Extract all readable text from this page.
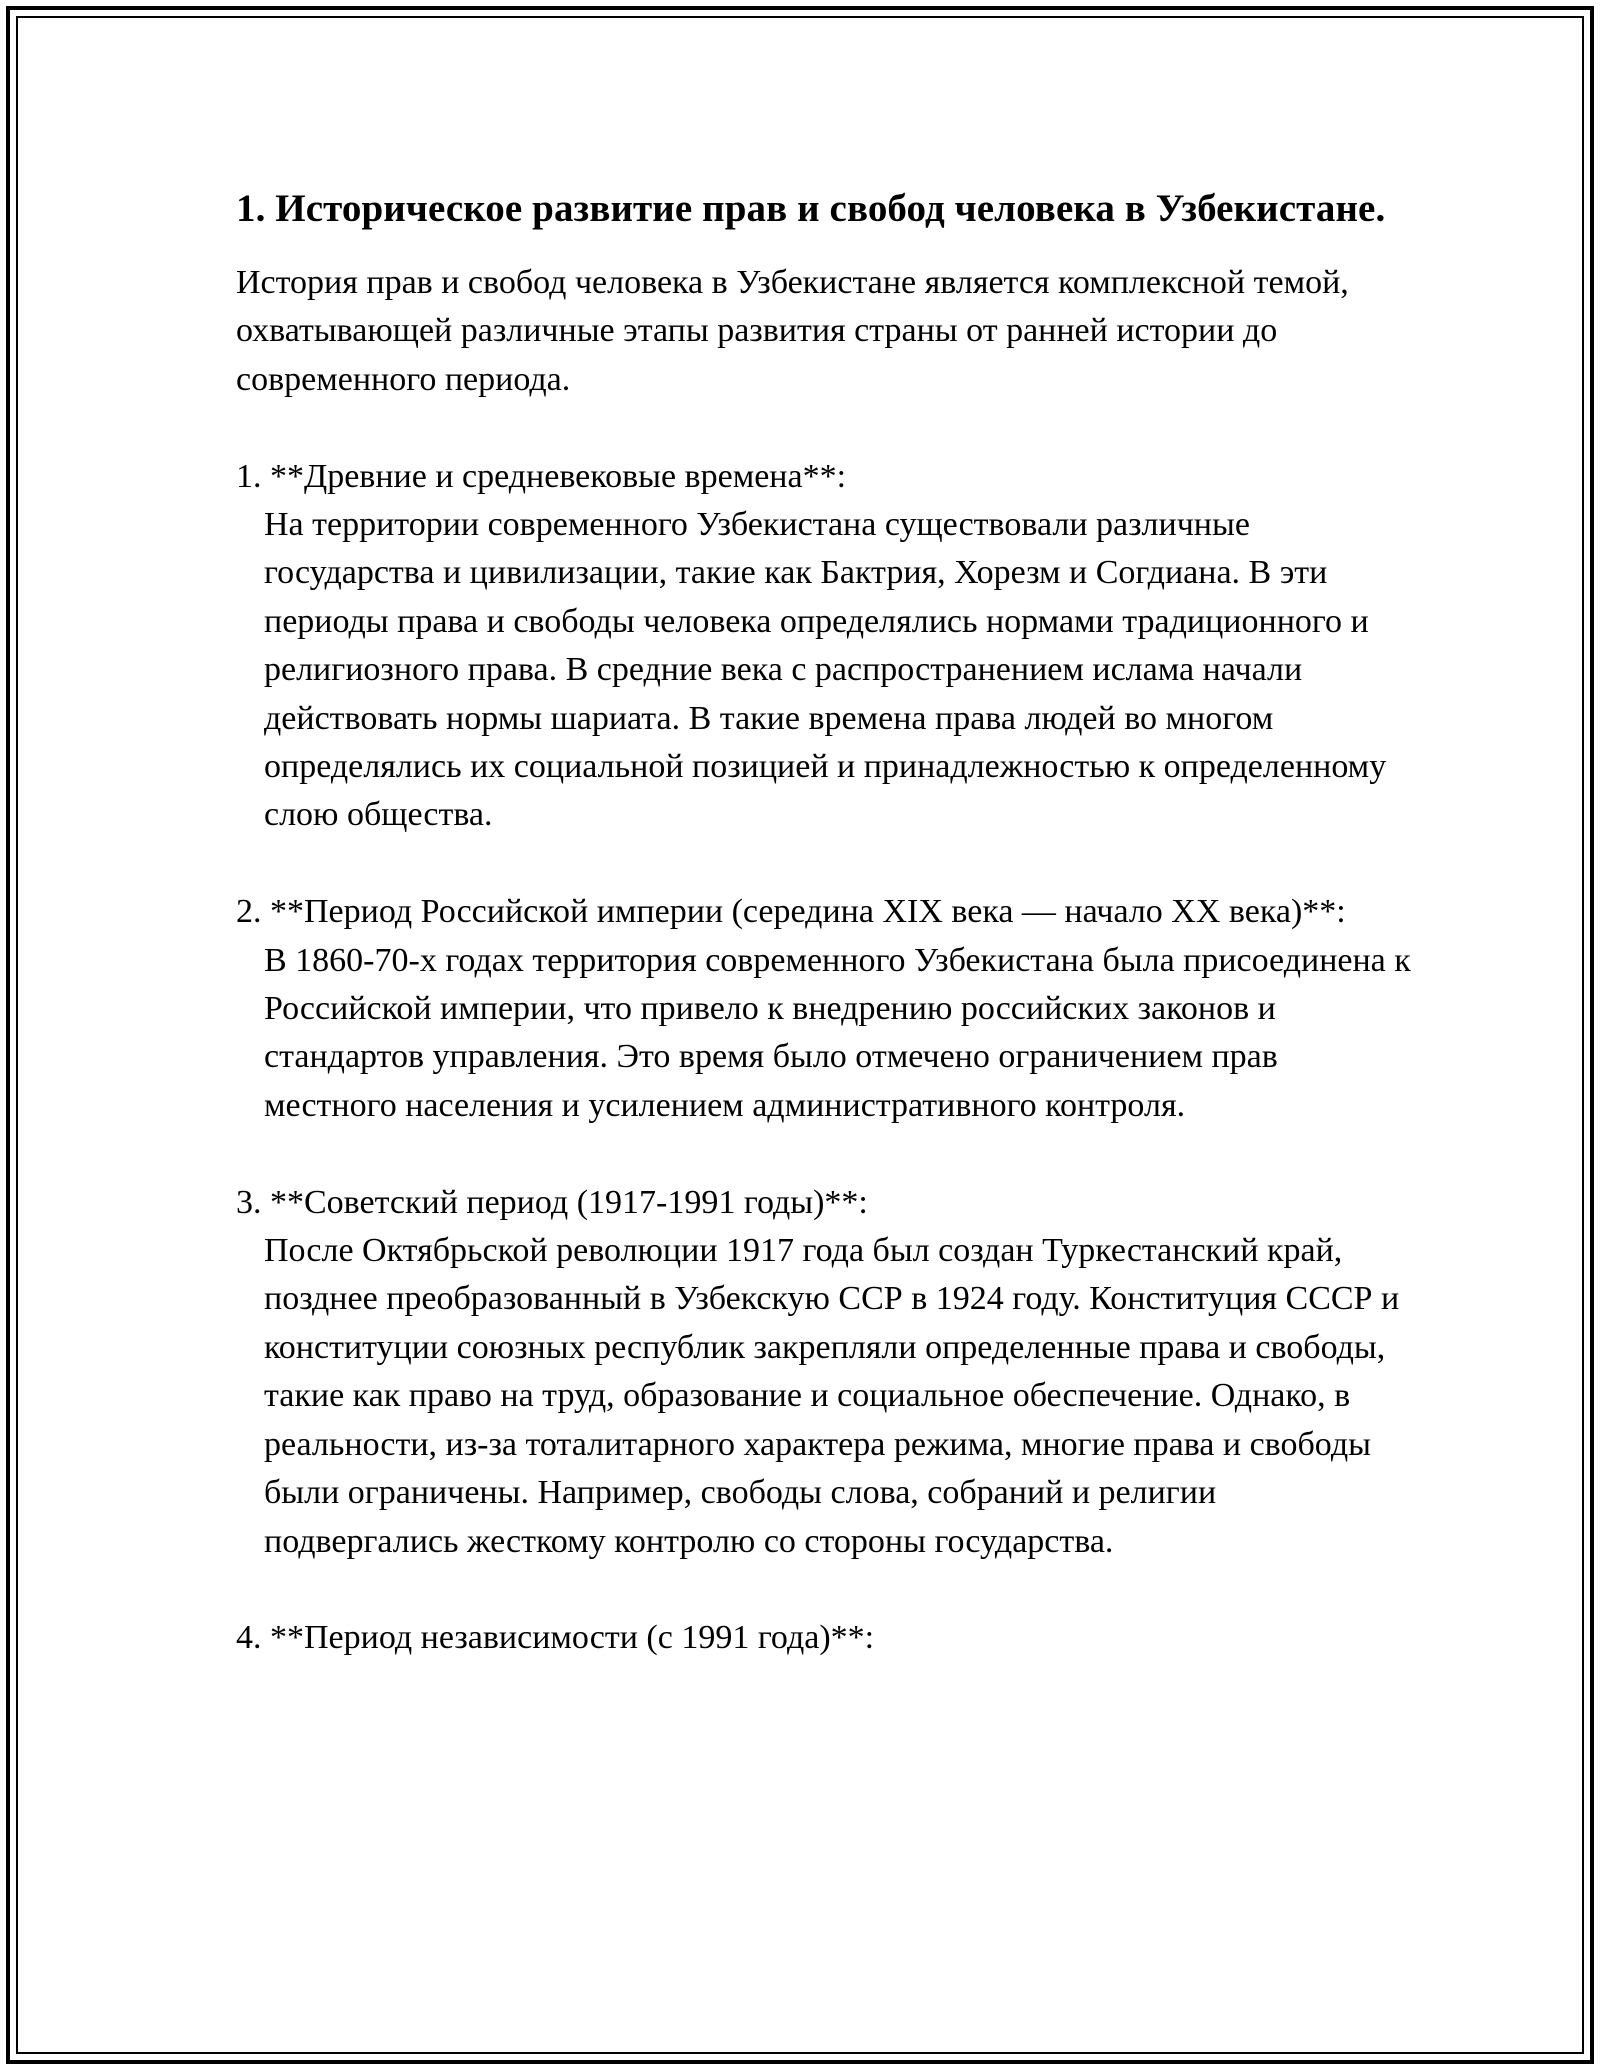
1. Историческое развитие прав и свобод человека в Узбекистане.

История прав и свобод человека в Узбекистане является комплексной темой, охватывающей различные этапы развития страны от ранней истории до современного периода.

1. **Древние и средневековые времена**:

На территории современного Узбекистана существовали различные государства и цивилизации, такие как Бактрия, Хорезм и Согдиана. В эти периоды права и свободы человека определялись нормами традиционного и религиозного права. В средние века с распространением ислама начали действовать нормы шариата. В такие времена права людей во многом определялись их социальной позицией и принадлежностью к определенному слою общества.

2. **Период Российской империи (середина XIX века — начало XX века)**:

В 1860-70-х годах территория современного Узбекистана была присоединена к Российской империи, что привело к внедрению российских законов и стандартов управления. Это время было отмечено ограничением прав местного населения и усилением административного контроля.

3. **Советский период (1917-1991 годы)**:

После Октябрьской революции 1917 года был создан Туркестанский край, позднее преобразованный в Узбекскую ССР в 1924 году. Конституция СССР и конституции союзных республик закрепляли определенные права и свободы, такие как право на труд, образование и социальное обеспечение. Однако, в реальности, из-за тоталитарного характера режима, многие права и свободы были ограничены. Например, свободы слова, собраний и религии подвергались жесткому контролю со стороны государства.

4. **Период независимости (с 1991 года)**:
